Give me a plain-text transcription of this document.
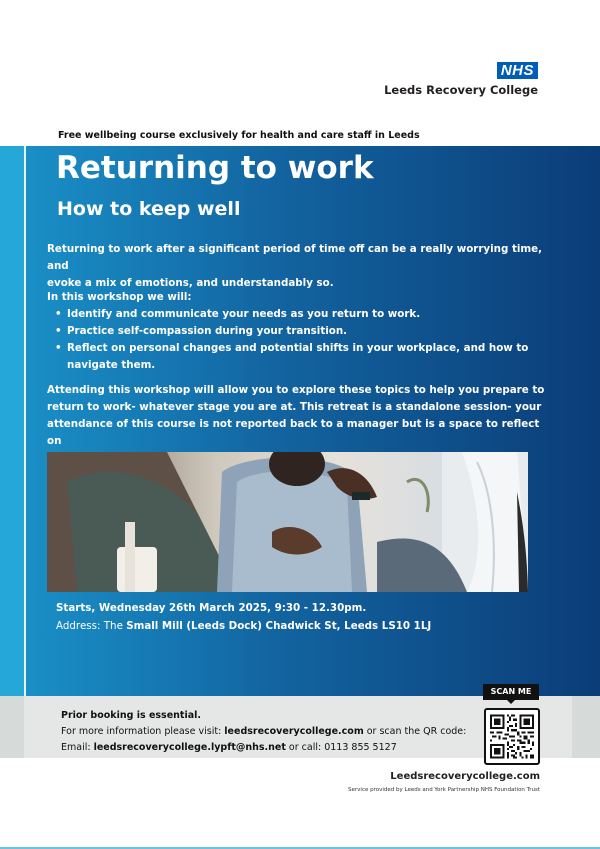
NHS
Leeds Recovery College
Free wellbeing course exclusively for health and care staff in Leeds
Returning to work
How to keep well
Returning to work after a significant period of time off can be a really worrying time, and
evoke a mix of emotions, and understandably so.
In this workshop we will:
• Identify and communicate your needs as you return to work.
• Practice self-compassion during your transition.
• Reflect on personal changes and potential shifts in your workplace, and how to
navigate them.
Attending this workshop will allow you to explore these topics to help you prepare to
return to work- whatever stage you are at. This retreat is a standalone session- your
attendance of this course is not reported back to a manager but is a space to reflect on
Starts, Wednesday 26th March 2025, 9:30 - 12.30pm.
Address: The Small Mill (Leeds Dock) Chadwick St, Leeds LS10 1LJ
Prior booking is essential.
For more information please visit: leedsrecoverycollege.com or scan the QR code:
Email: leedsrecoverycollege.lypft@nhs.net or call: 0113 855 5127
SCAN ME
Leedsrecoverycollege.com
Service provided by Leeds and York Partnership NHS Foundation Trust
